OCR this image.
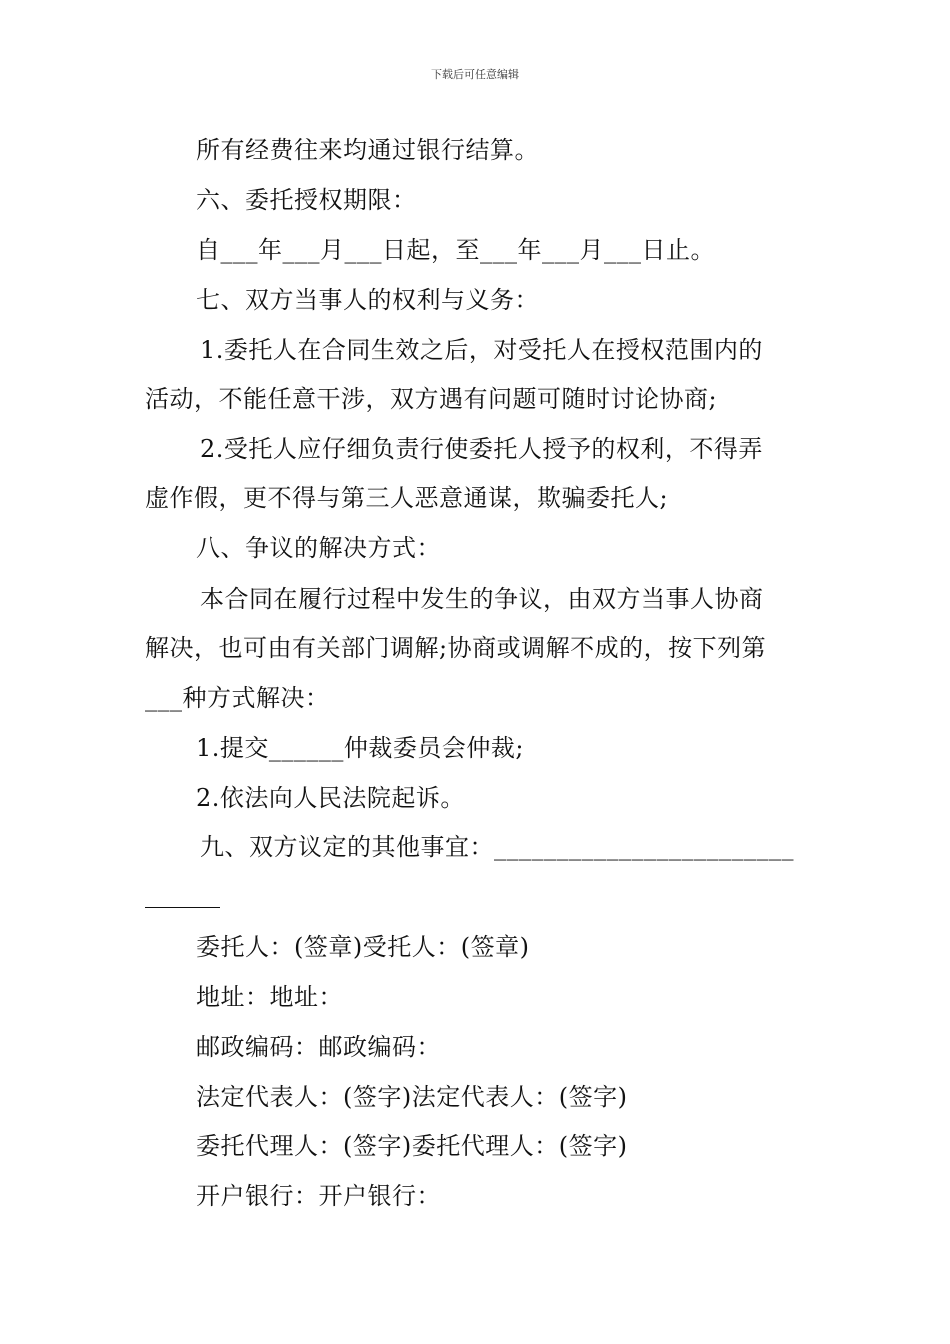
下载后可任意编辑
所有经费往来均通过银行结算。
六、委托授权期限：
自___年___月___日起，至___年___月___日止。
七、双方当事人的权利与义务：
1.委托人在合同生效之后，对受托人在授权范围内的
活动，不能任意干涉，双方遇有问题可随时讨论协商;
2.受托人应仔细负责行使委托人授予的权利，不得弄
虚作假，更不得与第三人恶意通谋，欺骗委托人;
八、争议的解决方式：
本合同在履行过程中发生的争议，由双方当事人协商
解决，也可由有关部门调解;协商或调解不成的，按下列第
___种方式解决：
1.提交______仲裁委员会仲裁;
2.依法向人民法院起诉。
九、双方议定的其他事宜：________________________
委托人：(签章)受托人：(签章)
地址：地址：
邮政编码：邮政编码：
法定代表人：(签字)法定代表人：(签字)
委托代理人：(签字)委托代理人：(签字)
开户银行：开户银行：
